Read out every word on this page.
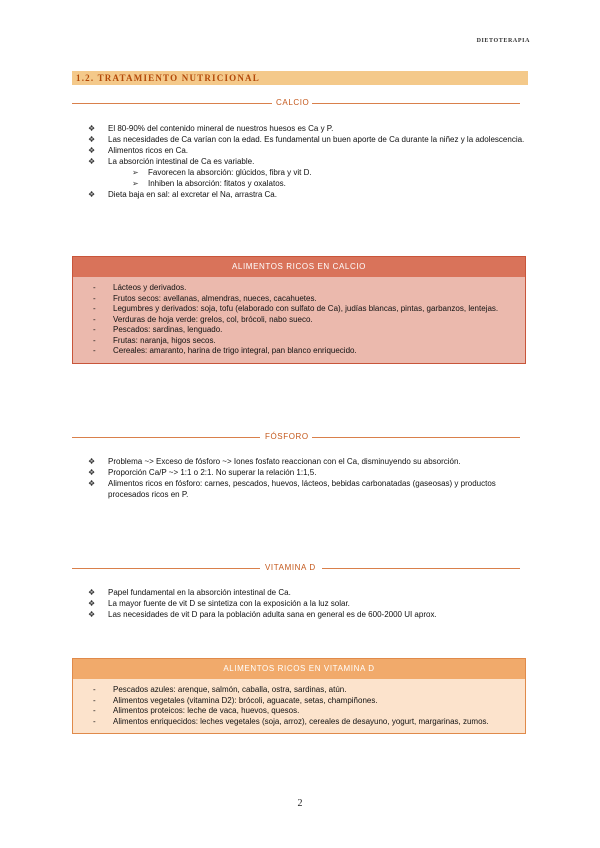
DIETOTERAPIA
1.2. TRATAMIENTO NUTRICIONAL
CALCIO
❖ El 80-90% del contenido mineral de nuestros huesos es Ca y P.
❖ Las necesidades de Ca varían con la edad. Es fundamental un buen aporte de Ca durante la niñez y la adolescencia.
❖ Alimentos ricos en Ca.
❖ La absorción intestinal de Ca es variable.
➢ Favorecen la absorción: glúcidos, fibra y vit D.
➢ Inhiben la absorción: fitatos y oxalatos.
❖ Dieta baja en sal: al excretar el Na, arrastra Ca.
ALIMENTOS RICOS EN CALCIO
- Lácteos y derivados.
- Frutos secos: avellanas, almendras, nueces, cacahuetes.
- Legumbres y derivados: soja, tofu (elaborado con sulfato de Ca), judías blancas, pintas, garbanzos, lentejas.
- Verduras de hoja verde: grelos, col, brócoli, nabo sueco.
- Pescados: sardinas, lenguado.
- Frutas: naranja, higos secos.
- Cereales: amaranto, harina de trigo integral, pan blanco enriquecido.
FÓSFORO
❖ Problema ~> Exceso de fósforo ~> Iones fosfato reaccionan con el Ca, disminuyendo su absorción.
❖ Proporción Ca/P ~> 1:1 o 2:1. No superar la relación 1:1,5.
❖ Alimentos ricos en fósforo: carnes, pescados, huevos, lácteos, bebidas carbonatadas (gaseosas) y productos procesados ricos en P.
VITAMINA D
❖ Papel fundamental en la absorción intestinal de Ca.
❖ La mayor fuente de vit D se sintetiza con la exposición a la luz solar.
❖ Las necesidades de vit D para la población adulta sana en general es de 600-2000 UI aprox.
ALIMENTOS RICOS EN VITAMINA D
- Pescados azules: arenque, salmón, caballa, ostra, sardinas, atún.
- Alimentos vegetales (vitamina D2): brócoli, aguacate, setas, champiñones.
- Alimentos proteicos: leche de vaca, huevos, quesos.
- Alimentos enriquecidos: leches vegetales (soja, arroz), cereales de desayuno, yogurt, margarinas, zumos.
2
